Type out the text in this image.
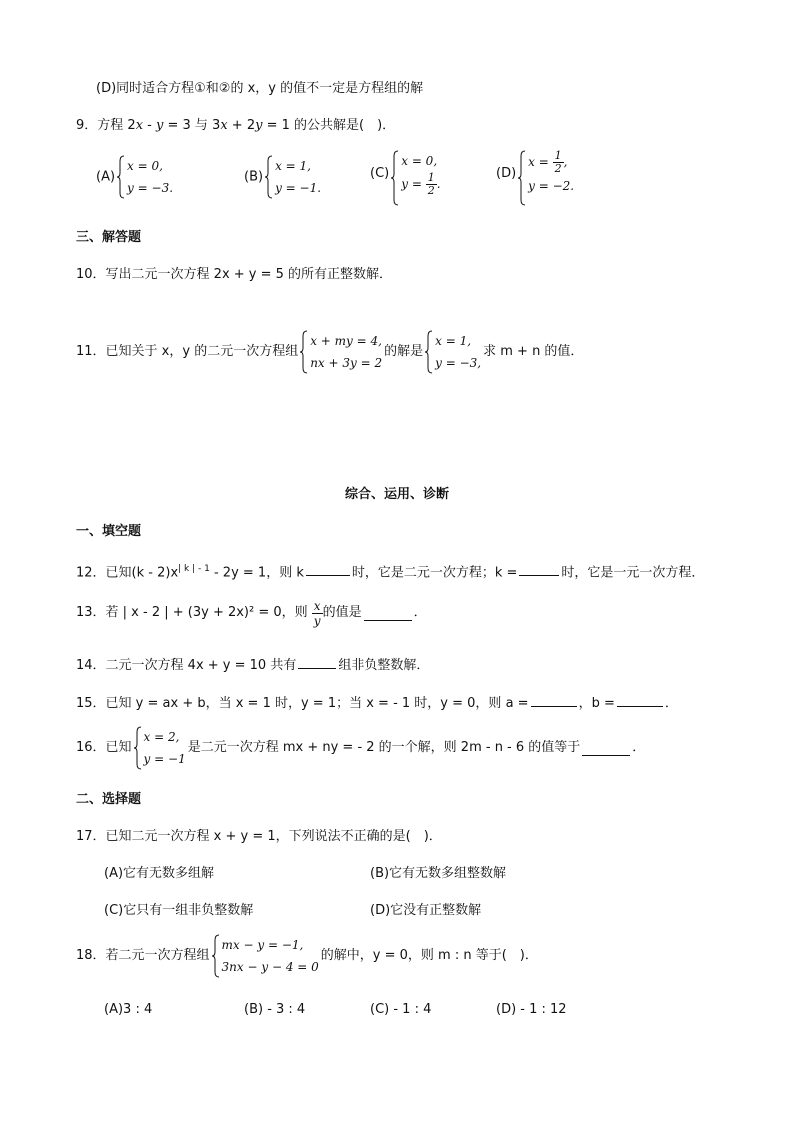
(D)同时适合方程①和②的 x，y 的值不一定是方程组的解
9．方程 2x - y = 3 与 3x + 2y = 1 的公共解是(　)．
(A)
x = 0,
y = −3.
(B)
x = 1,
y = −1.
(C)
x = 0,
$y = \frac{1}{2}$ .
(D)
$x = \frac{1}{2}$ ,
y = −2.
三、解答题
10．写出二元一次方程 2x + y = 5 的所有正整数解．
11．已知关于 x，y 的二元一次方程组
x + my = 4,
nx + 3y = 2
的解是
x = 1,
y = −3,
求 m + n 的值．
综合、运用、诊断
一、填空题
12．已知$(k - 2)x^{| k | - 1} - 2y = 1$，则 k	时，它是二元一次方程；k =	时，它是一元一次方程．
13．若 | x - 2 | + (3y + 2x)² = 0，则 $\frac{x}{y}$ 的值是	．
14．二元一次方程 4x + y = 10 共有	组非负整数解．
15．已知 y = ax + b，当 x = 1 时，y = 1；当 x = - 1 时，y = 0，则 a =	，b =	．
16．已知
x = 2,
y = −1
是二元一次方程 mx + ny = - 2 的一个解，则 2m - n - 6 的值等于	．
二、选择题
17．已知二元一次方程 x + y = 1，下列说法不正确的是(　)．
(A)它有无数多组解	(B)它有无数多组整数解
(C)它只有一组非负整数解	(D)它没有正整数解
18．若二元一次方程组
mx − y = −1,
3nx − y − 4 = 0
的解中，y = 0，则 m : n 等于(　)．
(A)3 : 4	(B) - 3 : 4	(C) - 1 : 4	(D) - 1 : 12
